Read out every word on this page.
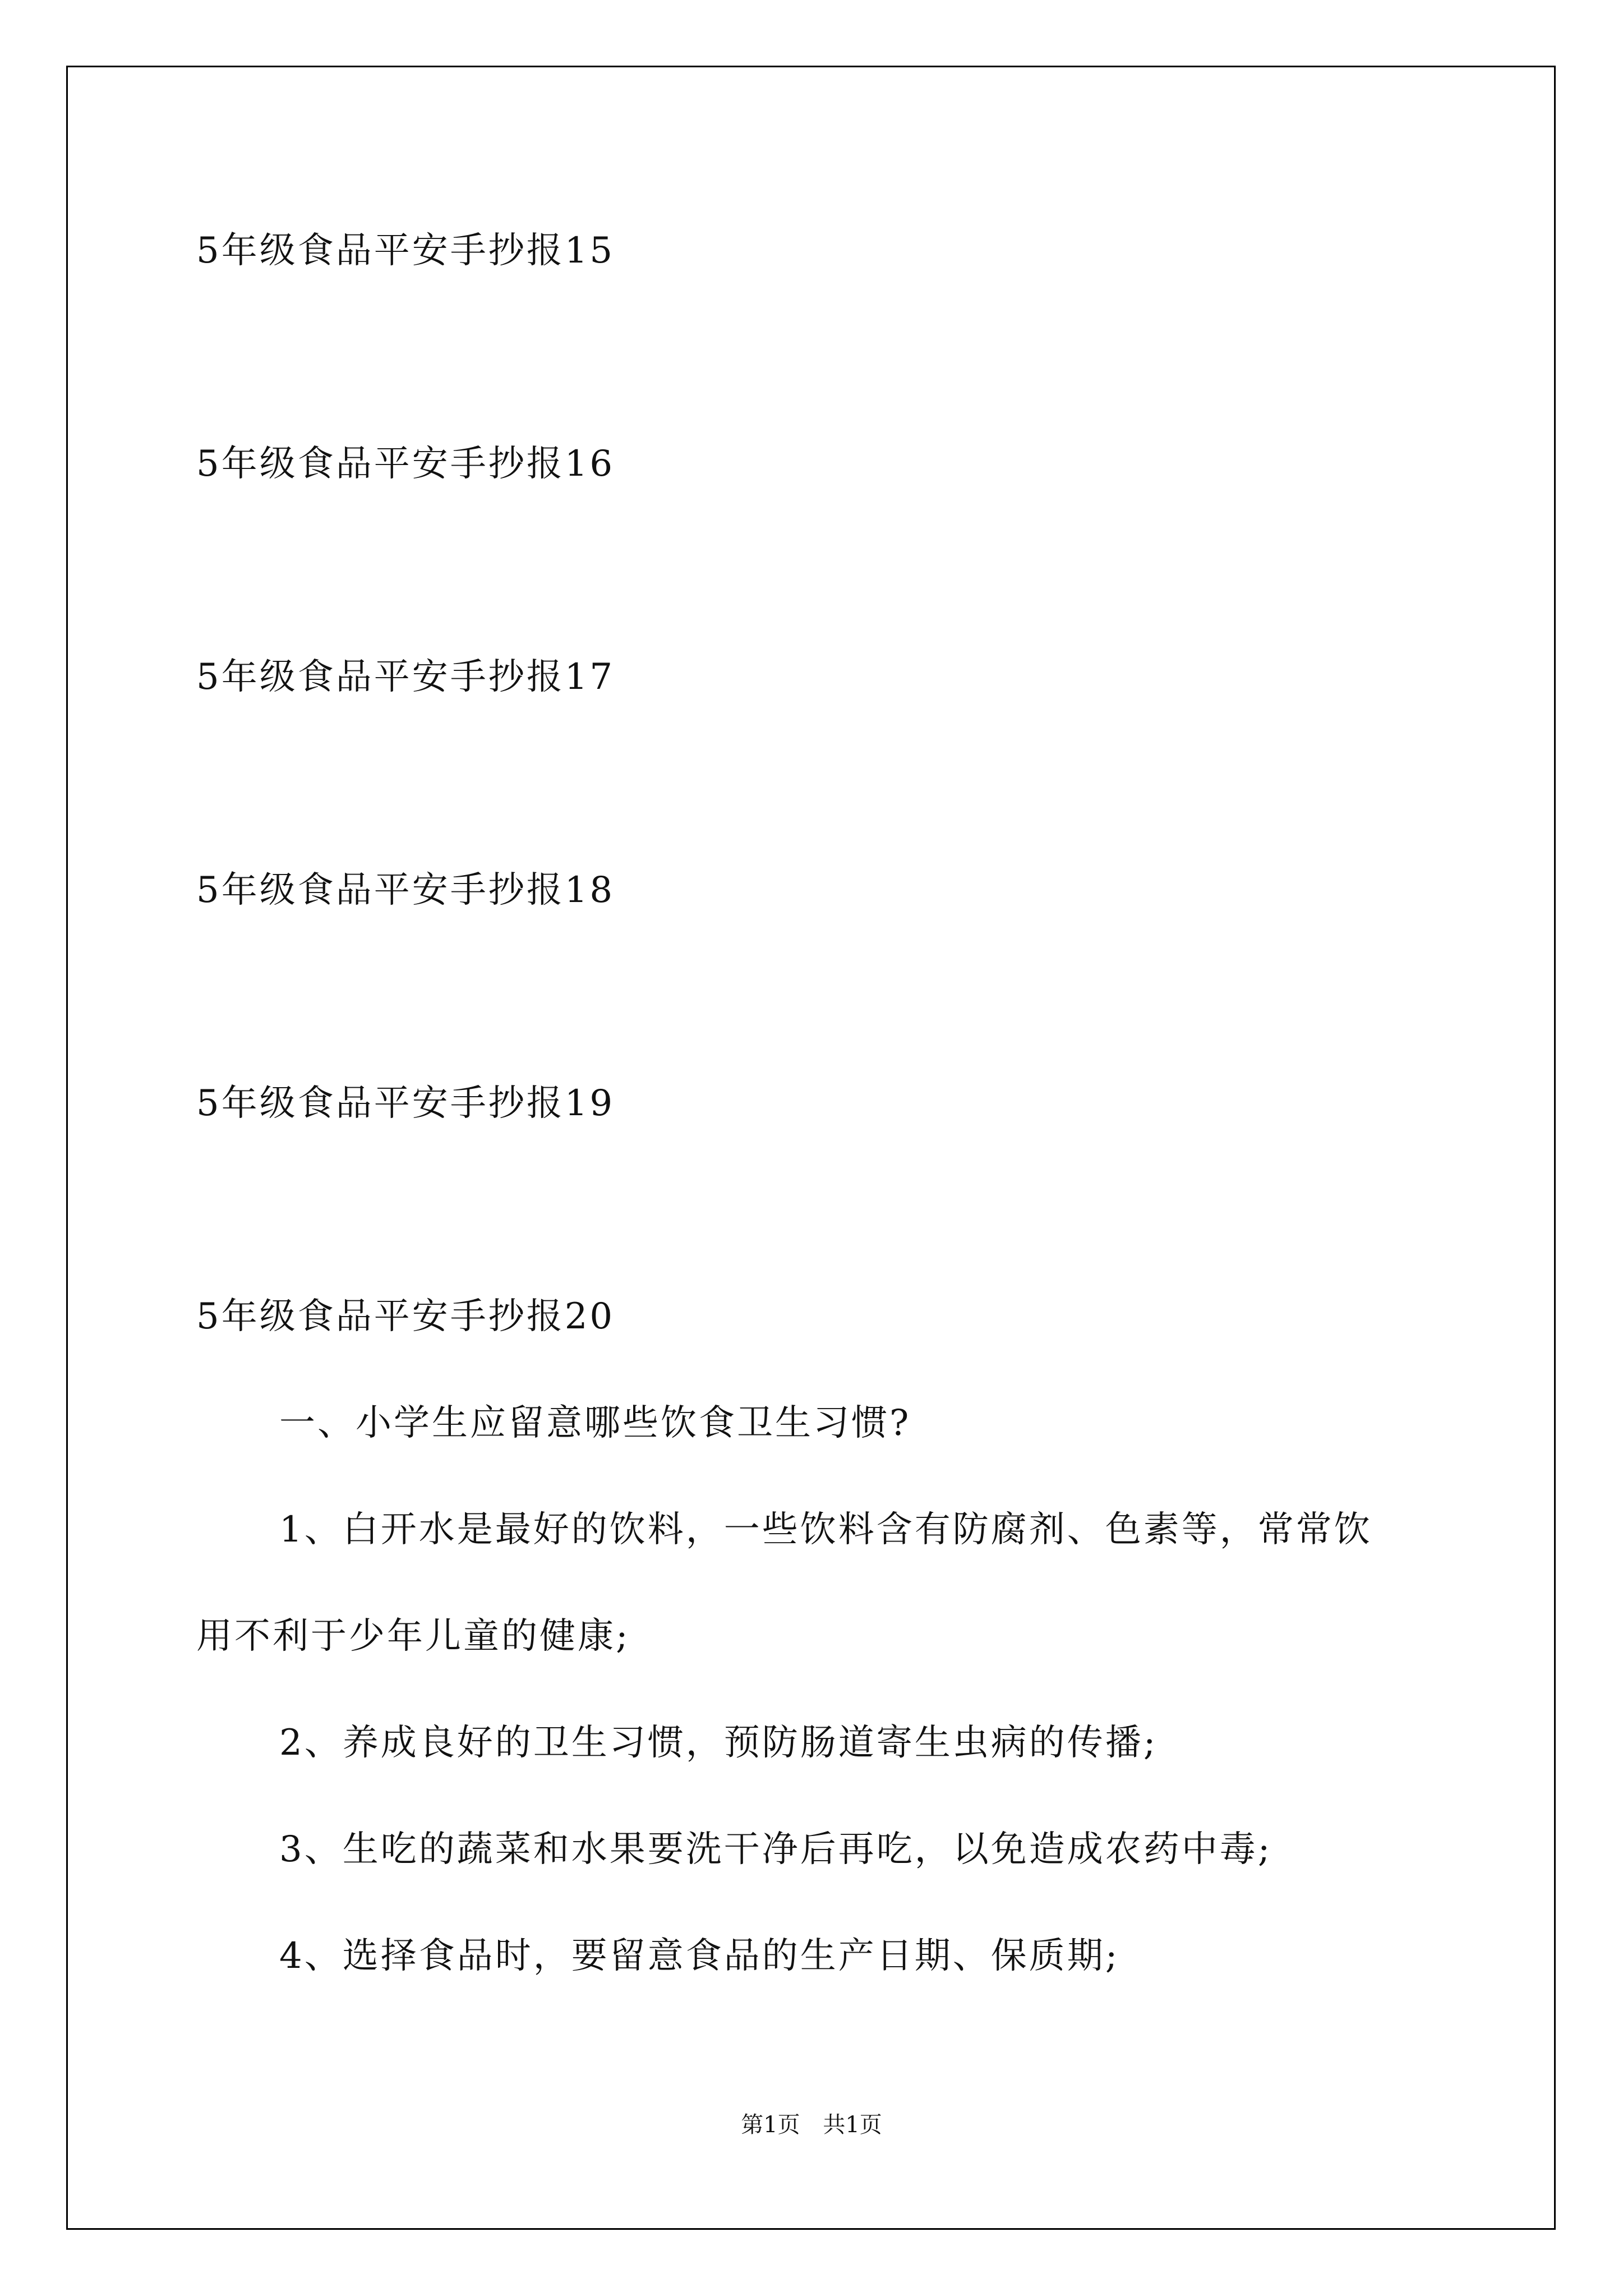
5年级食品平安手抄报15
5年级食品平安手抄报16
5年级食品平安手抄报17
5年级食品平安手抄报18
5年级食品平安手抄报19
5年级食品平安手抄报20
一、小学生应留意哪些饮食卫生习惯?
1、白开水是最好的饮料，一些饮料含有防腐剂、色素等，常常饮
用不利于少年儿童的健康;
2、养成良好的卫生习惯，预防肠道寄生虫病的传播;
3、生吃的蔬菜和水果要洗干净后再吃，以免造成农药中毒;
4、选择食品时，要留意食品的生产日期、保质期;
第1页 共1页
